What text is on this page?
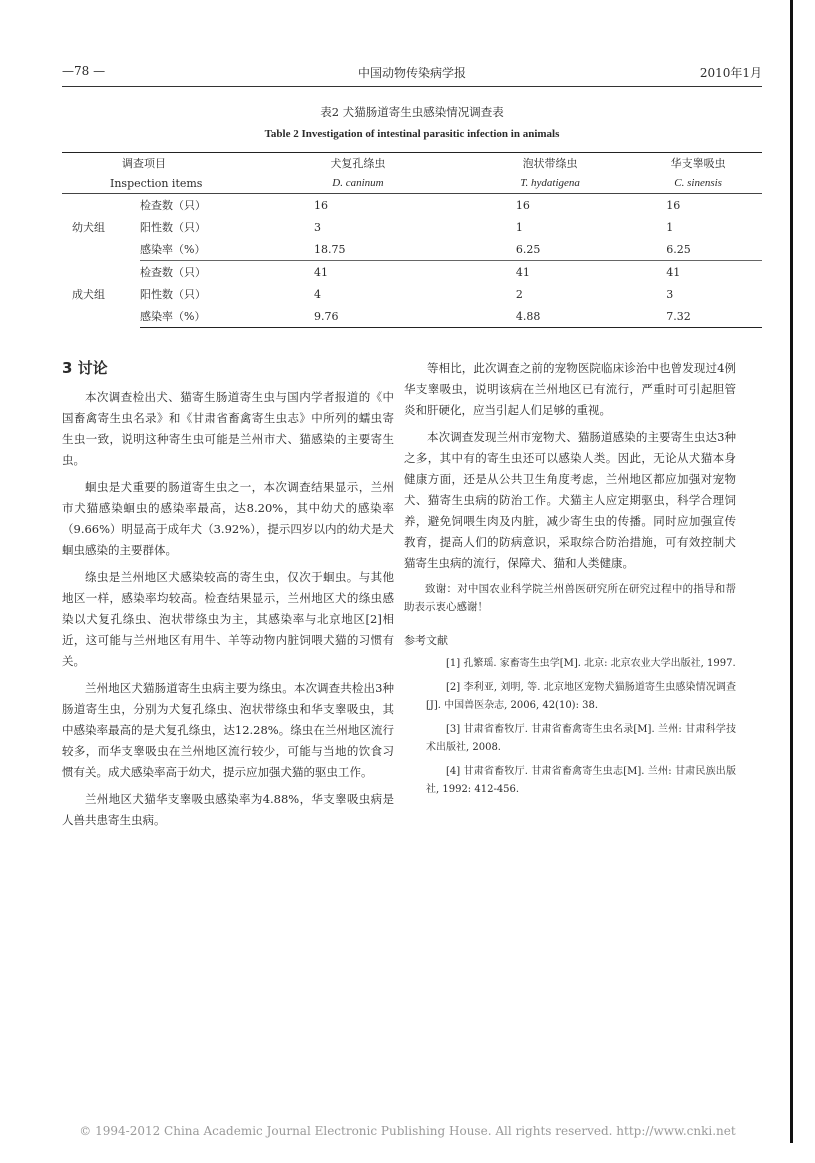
—78 —	中国动物传染病学报	2010年1月
表2 犬猫肠道寄生虫感染情况调查表
Table 2 Investigation of intestinal parasitic infection in animals
调查项目		犬复孔绦虫	泡状带绦虫	华支睾吸虫
Inspection items		D. caninum	T. hydatigena	C. sinensis
幼犬组	检查数（只）	16	16	16
	阳性数（只）	3	1	1
	感染率（%）	18.75	6.25	6.25
成犬组	检查数（只）	41	41	41
	阳性数（只）	4	2	3
	感染率（%）	9.76	4.88	7.32
3 讨论

本次调查检出犬、猫寄生肠道寄生虫与国内学者报道的《中国畜禽寄生虫名录》和《甘肃省畜禽寄生虫志》中所列的蠕虫寄生虫一致，说明这种寄生虫可能是兰州市犬、猫感染的主要寄生虫。

蛔虫是犬重要的肠道寄生虫之一，本次调查结果显示，兰州市犬猫感染蛔虫的感染率最高，达8.20%，其中幼犬的感染率（9.66%）明显高于成年犬（3.92%），提示四岁以内的幼犬是犬蛔虫感染的主要群体。

绦虫是兰州地区犬感染较高的寄生虫，仅次于蛔虫。与其他地区一样，感染率均较高。检查结果显示，兰州地区犬的绦虫感染以犬复孔绦虫、泡状带绦虫为主，其感染率与北京地区[2]相近，这可能与兰州地区有用牛、羊等动物内脏饲喂犬猫的习惯有关。

兰州地区犬猫肠道寄生虫病主要为绦虫。本次调查共检出3种肠道寄生虫，分别为犬复孔绦虫、泡状带绦虫和华支睾吸虫，其中感染率最高的是犬复孔绦虫，达12.28%。绦虫在兰州地区流行较多，而华支睾吸虫在兰州地区流行较少，可能与当地的饮食习惯有关。成犬感染率高于幼犬，提示应加强犬猫的驱虫工作。

兰州地区犬猫华支睾吸虫感染率为4.88%，华支睾吸虫病是人兽共患寄生虫病。

等相比，此次调查之前的宠物医院临床诊治中也曾发现过4例华支睾吸虫，说明该病在兰州地区已有流行，严重时可引起胆管炎和肝硬化，应当引起人们足够的重视。

本次调查发现兰州市宠物犬、猫肠道感染的主要寄生虫达3种之多，其中有的寄生虫还可以感染人类。因此，无论从犬猫本身健康方面，还是从公共卫生角度考虑，兰州地区都应加强对宠物犬、猫寄生虫病的防治工作。犬猫主人应定期驱虫，科学合理饲养，避免饲喂生肉及内脏，减少寄生虫的传播。同时应加强宣传教育，提高人们的防病意识，采取综合防治措施，可有效控制犬猫寄生虫病的流行，保障犬、猫和人类健康。

致谢：对中国农业科学院兰州兽医研究所在研究过程中的指导和帮助表示衷心感谢！

参考文献

[1] 孔繁瑶. 家畜寄生虫学[M]. 北京: 北京农业大学出版社, 1997.

[2] 李利亚, 刘明, 等. 北京地区宠物犬猫肠道寄生虫感染情况调查[J]. 中国兽医杂志, 2006, 42(10): 38.

[3] 甘肃省畜牧厅. 甘肃省畜禽寄生虫名录[M]. 兰州: 甘肃科学技术出版社, 2008.

[4] 甘肃省畜牧厅. 甘肃省畜禽寄生虫志[M]. 兰州: 甘肃民族出版社, 1992: 412-456.

© 1994-2012 China Academic Journal Electronic Publishing House. All rights reserved. http://www.cnki.net
